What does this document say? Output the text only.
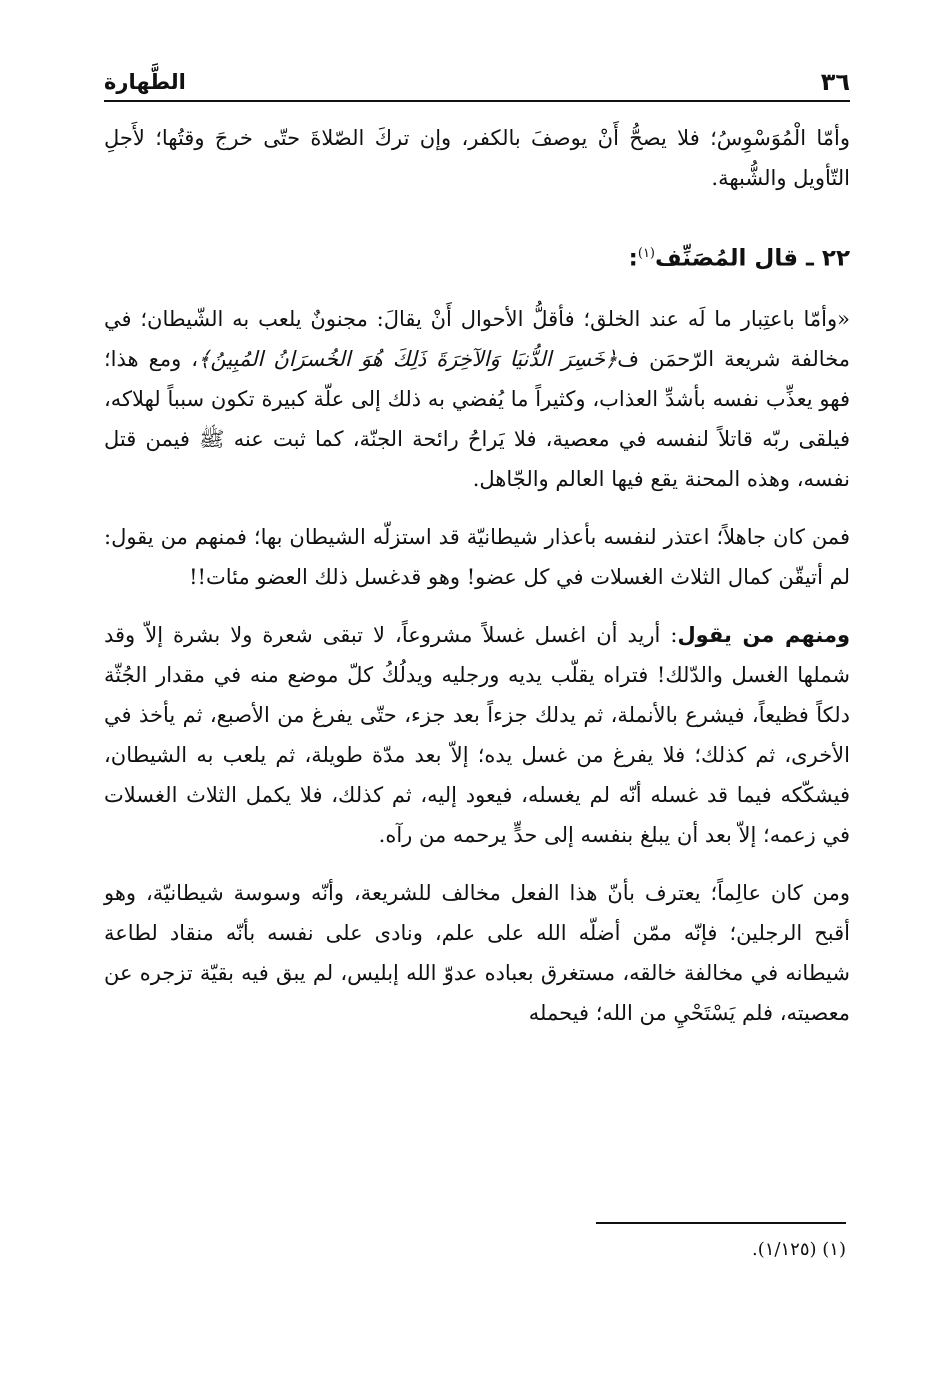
٣٦
الطَّهارة

وأمّا الْمُوَسْوِسُ؛ فلا يصحُّ أَنْ يوصفَ بالكفر، وإن تركَ الصّلاةَ حتّى خرجَ وقتُها؛ لأَجلِ التّأويل والشُّبهة.

٢٢ ـ قال المُصَنِّف$^{(١)}$:

«وأمّا باعتِبار ما لَه عند الخلق؛ فأقلُّ الأحوال أَنْ يقالَ: مجنونٌ يلعب به الشّيطان؛ في مخالفة شريعة الرّحمَن ف﴿خَسِرَ الدُّنيَا وَالآخِرَةَ ذَلِكَ هُوَ الخُسرَانُ المُبِينُ﴾، ومع هذا؛ فهو يعذِّب نفسه بأشدِّ العذاب، وكثيراً ما يُفضي به ذلك إلى علّة كبيرة تكون سبباً لهلاكه، فيلقى ربّه قاتلاً لنفسه في معصية، فلا يَراحُ رائحة الجنّة، كما ثبت عنه ﷺ فيمن قتل نفسه، وهذه المحنة يقع فيها العالم والجّاهل.

فمن كان جاهلاً؛ اعتذر لنفسه بأعذار شيطانيّة قد استزلّه الشيطان بها؛ فمنهم من يقول: لم أتيقّن كمال الثلاث الغسلات في كل عضو! وهو قدغسل ذلك العضو مئات!!

ومنهم من يقول: أريد أن اغسل غسلاً مشروعاً، لا تبقى شعرة ولا بشرة إلاّ وقد شملها الغسل والدّلك! فتراه يقلّب يديه ورجليه ويدلُكُ كلّ موضع منه في مقدار الجُثّة دلكاً فظيعاً، فيشرع بالأنملة، ثم يدلك جزءاً بعد جزء، حتّى يفرغ من الأصبع، ثم يأخذ في الأخرى، ثم كذلك؛ فلا يفرغ من غسل يده؛ إلاّ بعد مدّة طويلة، ثم يلعب به الشيطان، فيشكّكه فيما قد غسله أنّه لم يغسله، فيعود إليه، ثم كذلك، فلا يكمل الثلاث الغسلات في زعمه؛ إلاّ بعد أن يبلغ بنفسه إلى حدٍّ يرحمه من رآه.

ومن كان عالِماً؛ يعترف بأنّ هذا الفعل مخالف للشريعة، وأنّه وسوسة شيطانيّة، وهو أقبح الرجلين؛ فإنّه ممّن أضلّه الله على علم، ونادى على نفسه بأنّه منقاد لطاعة شيطانه في مخالفة خالقه، مستغرق بعباده عدوّ الله إبليس، لم يبق فيه بقيّة تزجره عن معصيته، فلم يَسْتَحْيِ من الله؛ فيحمله

(١) (١/١٢٥).
